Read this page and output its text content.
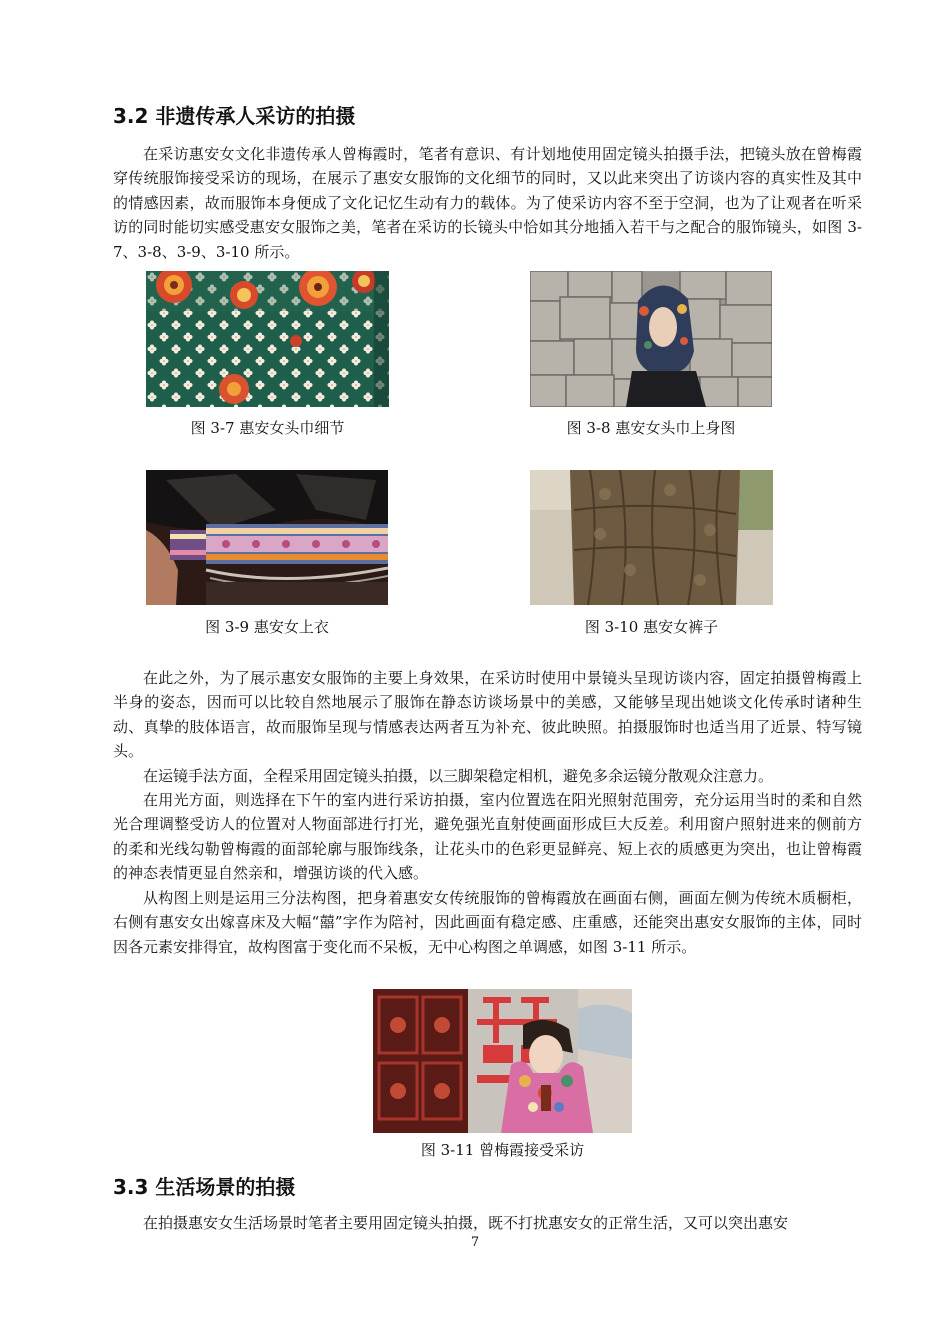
3.2 非遗传承人采访的拍摄

在采访惠安女文化非遗传承人曾梅霞时，笔者有意识、有计划地使用固定镜头拍摄手法，把镜头放在曾梅霞穿传统服饰接受采访的现场，在展示了惠安女服饰的文化细节的同时，又以此来突出了访谈内容的真实性及其中的情感因素，故而服饰本身便成了文化记忆生动有力的载体。为了使采访内容不至于空洞，也为了让观者在听采访的同时能切实感受惠安女服饰之美，笔者在采访的长镜头中恰如其分地插入若干与之配合的服饰镜头，如图 3-7、3-8、3-9、3-10 所示。

图 3-7 惠安女头巾细节	图 3-8 惠安女头巾上身图

图 3-9 惠安女上衣	图 3-10 惠安女裤子

在此之外，为了展示惠安女服饰的主要上身效果，在采访时使用中景镜头呈现访谈内容，固定拍摄曾梅霞上半身的姿态，因而可以比较自然地展示了服饰在静态访谈场景中的美感，又能够呈现出她谈文化传承时诸种生动、真挚的肢体语言，故而服饰呈现与情感表达两者互为补充、彼此映照。拍摄服饰时也适当用了近景、特写镜头。

在运镜手法方面，全程采用固定镜头拍摄，以三脚架稳定相机，避免多余运镜分散观众注意力。

在用光方面，则选择在下午的室内进行采访拍摄，室内位置选在阳光照射范围旁，充分运用当时的柔和自然光合理调整受访人的位置对人物面部进行打光，避免强光直射使画面形成巨大反差。利用窗户照射进来的侧前方的柔和光线勾勒曾梅霞的面部轮廓与服饰线条，让花头巾的色彩更显鲜亮、短上衣的质感更为突出，也让曾梅霞的神态表情更显自然亲和，增强访谈的代入感。

从构图上则是运用三分法构图，把身着惠安女传统服饰的曾梅霞放在画面右侧，画面左侧为传统木质橱柜，右侧有惠安女出嫁喜床及大幅“囍”字作为陪衬，因此画面有稳定感、庄重感，还能突出惠安女服饰的主体，同时因各元素安排得宜，故构图富于变化而不呆板，无中心构图之单调感，如图 3-11 所示。

图 3-11 曾梅霞接受采访

3.3 生活场景的拍摄

在拍摄惠安女生活场景时笔者主要用固定镜头拍摄，既不打扰惠安女的正常生活，又可以突出惠安

7
